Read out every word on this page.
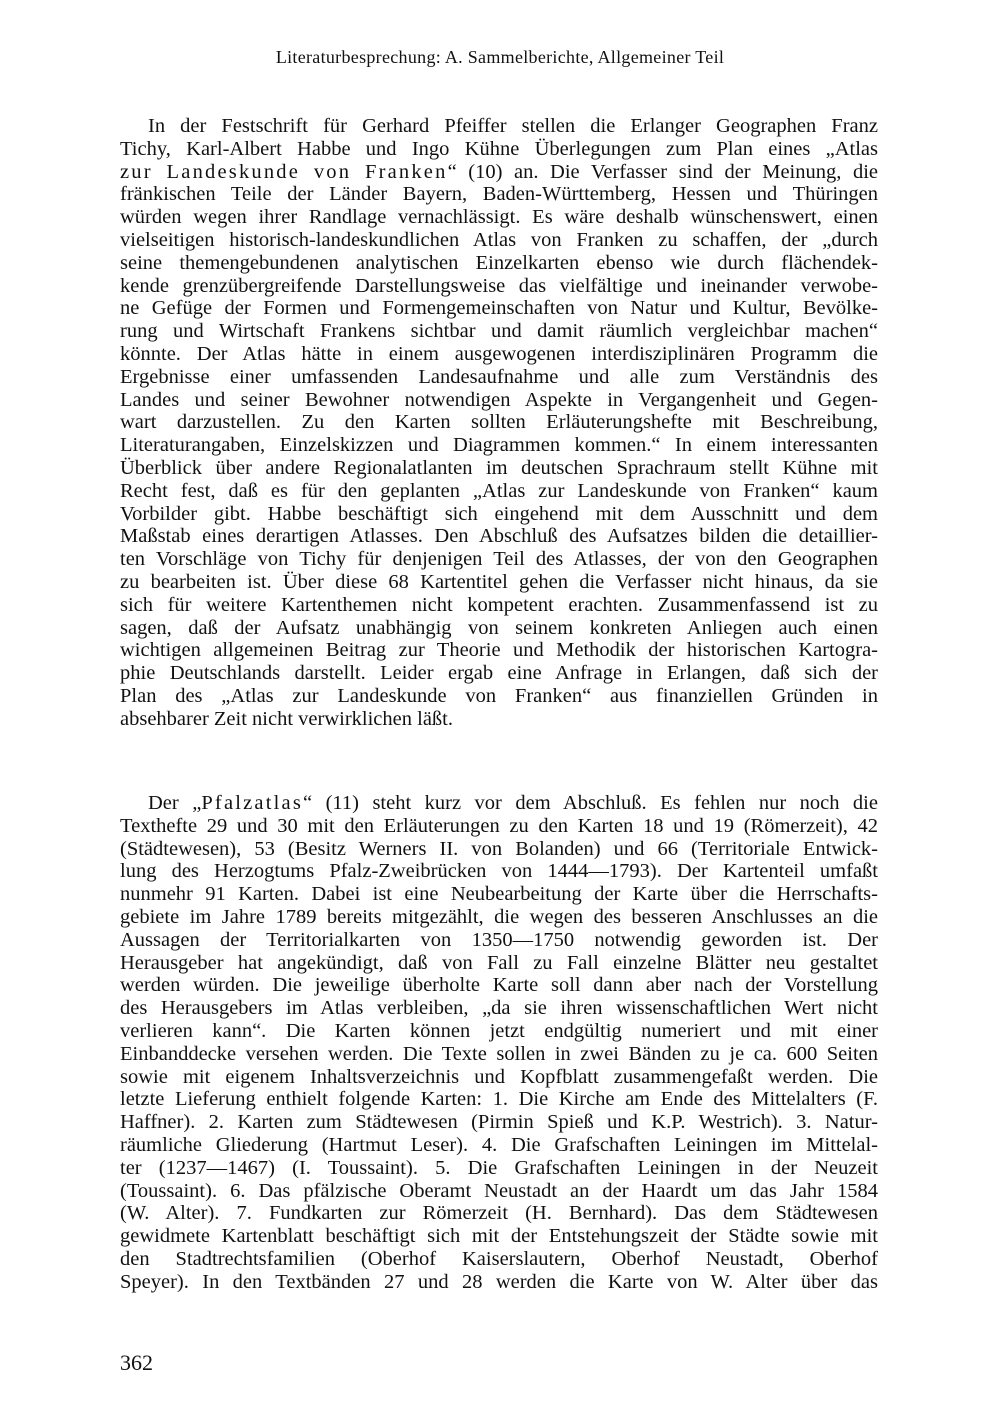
Literaturbesprechung: A. Sammelberichte, Allgemeiner Teil
In der Festschrift für Gerhard Pfeiffer stellen die Erlanger Geographen Franz
Tichy, Karl-Albert Habbe und Ingo Kühne Überlegungen zum Plan eines „Atlas
zur Landeskunde von Franken“ (10) an. Die Verfasser sind der Meinung, die
fränkischen Teile der Länder Bayern, Baden-Württemberg, Hessen und Thüringen
würden wegen ihrer Randlage vernachlässigt. Es wäre deshalb wünschenswert, einen
vielseitigen historisch-landeskundlichen Atlas von Franken zu schaffen, der „durch
seine themengebundenen analytischen Einzelkarten ebenso wie durch flächendek-
kende grenzübergreifende Darstellungsweise das vielfältige und ineinander verwobe-
ne Gefüge der Formen und Formengemeinschaften von Natur und Kultur, Bevölke-
rung und Wirtschaft Frankens sichtbar und damit räumlich vergleichbar machen“
könnte. Der Atlas hätte in einem ausgewogenen interdisziplinären Programm die
Ergebnisse einer umfassenden Landesaufnahme und alle zum Verständnis des
Landes und seiner Bewohner notwendigen Aspekte in Vergangenheit und Gegen-
wart darzustellen. Zu den Karten sollten Erläuterungshefte mit Beschreibung,
Literaturangaben, Einzelskizzen und Diagrammen kommen.“ In einem interessanten
Überblick über andere Regionalatlanten im deutschen Sprachraum stellt Kühne mit
Recht fest, daß es für den geplanten „Atlas zur Landeskunde von Franken“ kaum
Vorbilder gibt. Habbe beschäftigt sich eingehend mit dem Ausschnitt und dem
Maßstab eines derartigen Atlasses. Den Abschluß des Aufsatzes bilden die detaillier-
ten Vorschläge von Tichy für denjenigen Teil des Atlasses, der von den Geographen
zu bearbeiten ist. Über diese 68 Kartentitel gehen die Verfasser nicht hinaus, da sie
sich für weitere Kartenthemen nicht kompetent erachten. Zusammenfassend ist zu
sagen, daß der Aufsatz unabhängig von seinem konkreten Anliegen auch einen
wichtigen allgemeinen Beitrag zur Theorie und Methodik der historischen Kartogra-
phie Deutschlands darstellt. Leider ergab eine Anfrage in Erlangen, daß sich der
Plan des „Atlas zur Landeskunde von Franken“ aus finanziellen Gründen in
absehbarer Zeit nicht verwirklichen läßt.
Der „Pfalzatlas“ (11) steht kurz vor dem Abschluß. Es fehlen nur noch die
Texthefte 29 und 30 mit den Erläuterungen zu den Karten 18 und 19 (Römerzeit), 42
(Städtewesen), 53 (Besitz Werners II. von Bolanden) und 66 (Territoriale Entwick-
lung des Herzogtums Pfalz-Zweibrücken von 1444—1793). Der Kartenteil umfaßt
nunmehr 91 Karten. Dabei ist eine Neubearbeitung der Karte über die Herrschafts-
gebiete im Jahre 1789 bereits mitgezählt, die wegen des besseren Anschlusses an die
Aussagen der Territorialkarten von 1350—1750 notwendig geworden ist. Der
Herausgeber hat angekündigt, daß von Fall zu Fall einzelne Blätter neu gestaltet
werden würden. Die jeweilige überholte Karte soll dann aber nach der Vorstellung
des Herausgebers im Atlas verbleiben, „da sie ihren wissenschaftlichen Wert nicht
verlieren kann“. Die Karten können jetzt endgültig numeriert und mit einer
Einbanddecke versehen werden. Die Texte sollen in zwei Bänden zu je ca. 600 Seiten
sowie mit eigenem Inhaltsverzeichnis und Kopfblatt zusammengefaßt werden. Die
letzte Lieferung enthielt folgende Karten: 1. Die Kirche am Ende des Mittelalters (F.
Haffner). 2. Karten zum Städtewesen (Pirmin Spieß und K.P. Westrich). 3. Natur-
räumliche Gliederung (Hartmut Leser). 4. Die Grafschaften Leiningen im Mittelal-
ter (1237—1467) (I. Toussaint). 5. Die Grafschaften Leiningen in der Neuzeit
(Toussaint). 6. Das pfälzische Oberamt Neustadt an der Haardt um das Jahr 1584
(W. Alter). 7. Fundkarten zur Römerzeit (H. Bernhard). Das dem Städtewesen
gewidmete Kartenblatt beschäftigt sich mit der Entstehungszeit der Städte sowie mit
den Stadtrechtsfamilien (Oberhof Kaiserslautern, Oberhof Neustadt, Oberhof
Speyer). In den Textbänden 27 und 28 werden die Karte von W. Alter über das
362
